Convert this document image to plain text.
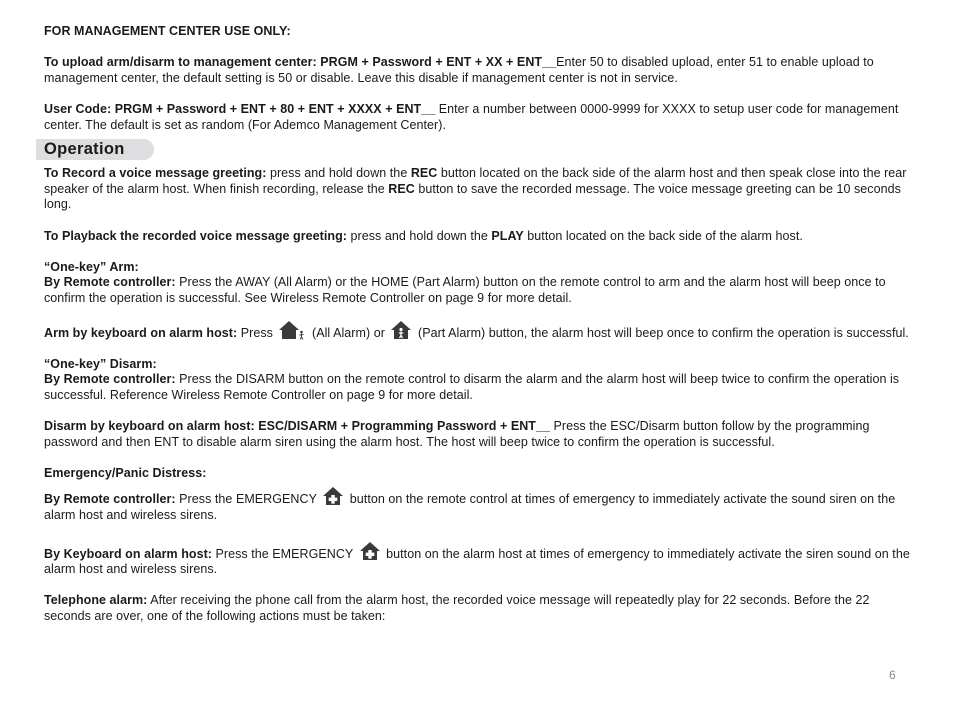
FOR MANAGEMENT CENTER USE ONLY:

To upload arm/disarm to management center: PRGM + Password + ENT + XX + ENT__Enter 50 to disabled upload, enter 51 to enable upload to management center, the default setting is 50 or disable. Leave this disable if management center is not in service.

User Code: PRGM + Password + ENT + 80 + ENT + XXXX + ENT__ Enter a number between 0000-9999 for XXXX to setup user code for management center. The default is set as random (For Ademco Management Center).

Operation

To Record a voice message greeting: press and hold down the REC button located on the back side of the alarm host and then speak close into the rear speaker of the alarm host. When finish recording, release the REC button to save the recorded message. The voice message greeting can be 10 seconds long.

To Playback the recorded voice message greeting: press and hold down the PLAY button located on the back side of the alarm host.

“One-key” Arm:

By Remote controller: Press the AWAY (All Alarm) or the HOME (Part Alarm) button on the remote control to arm and the alarm host will beep once to confirm the operation is successful. See Wireless Remote Controller on page 9 for more detail.

Arm by keyboard on alarm host: Press	(All Alarm) or  (Part Alarm) button, the alarm host will beep once to confirm the operation is successful.

“One-key” Disarm:

By Remote controller: Press the DISARM button on the remote control to disarm the alarm and the alarm host will beep twice to confirm the operation is successful. Reference Wireless Remote Controller on page 9 for more detail.

Disarm by keyboard on alarm host: ESC/DISARM + Programming Password + ENT__ Press the ESC/Disarm button follow by the programming password and then ENT to disable alarm siren using the alarm host. The host will beep twice to confirm the operation is successful.

Emergency/Panic Distress:

By Remote controller: Press the EMERGENCY  button on the remote control at times of emergency to immediately activate the sound siren on the alarm host and wireless sirens.

By Keyboard on alarm host: Press the EMERGENCY  button on the alarm host at times of emergency to immediately activate the siren sound on the alarm host and wireless sirens.

Telephone alarm: After receiving the phone call from the alarm host, the recorded voice message will repeatedly play for 22 seconds. Before the 22 seconds are over, one of the following actions must be taken:

6
